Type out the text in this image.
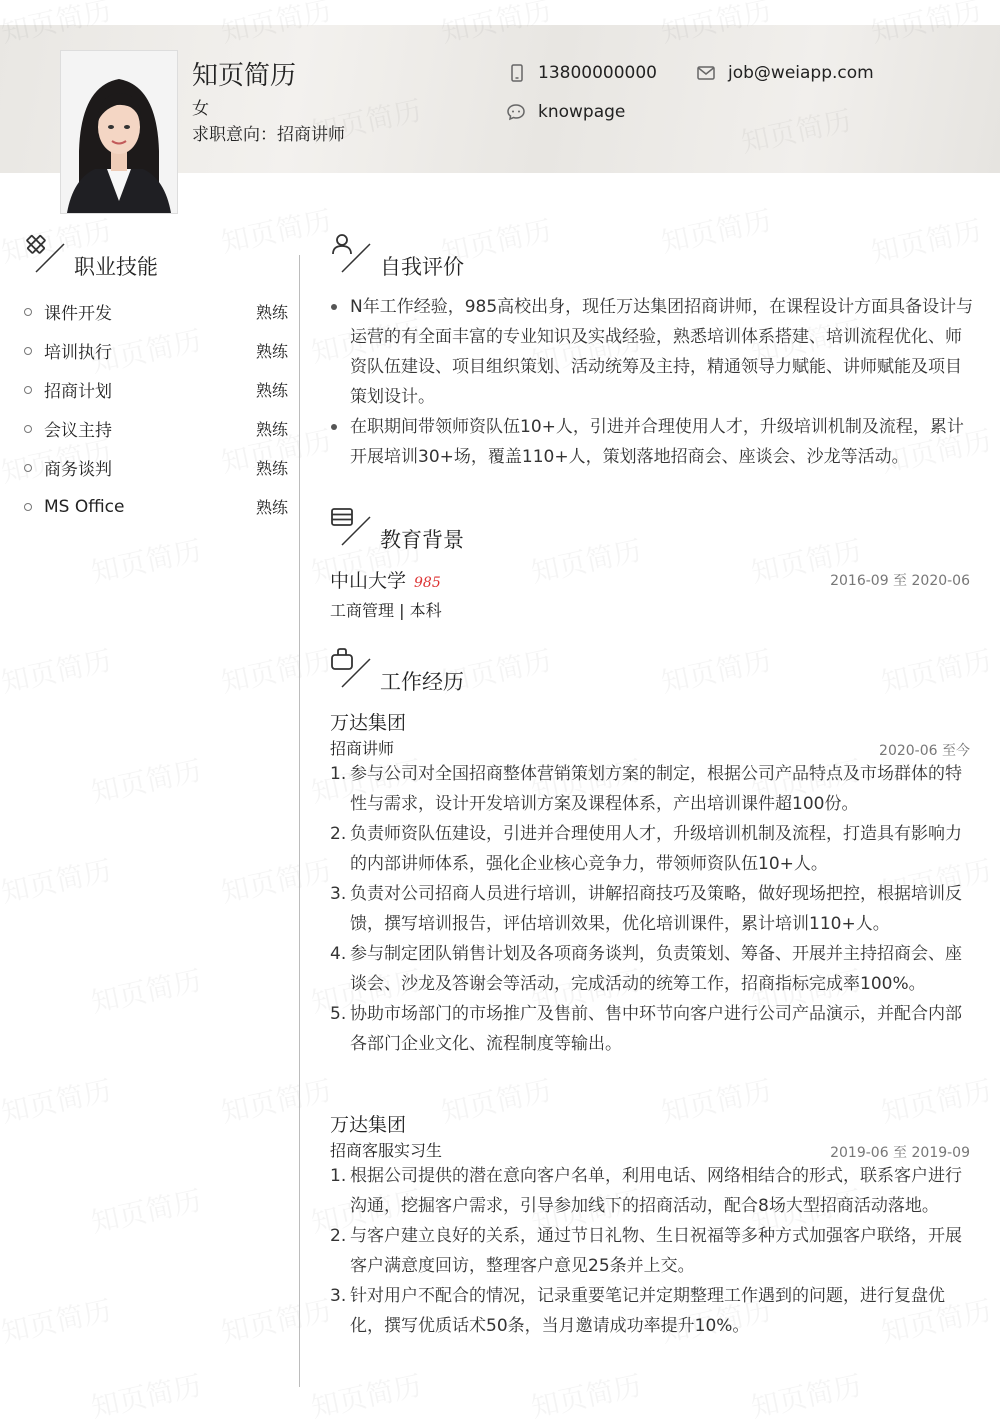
知页简历
女
求职意向：招商讲师
13800000000	job@weiapp.com
knowpage
职业技能
课件开发	熟练
培训执行	熟练
招商计划	熟练
会议主持	熟练
商务谈判	熟练
MS Office	熟练
自我评价
N年工作经验，985高校出身，现任万达集团招商讲师，在课程设计方面具备设计与运营的有全面丰富的专业知识及实战经验，熟悉培训体系搭建、培训流程优化、师资队伍建设、项目组织策划、活动统筹及主持，精通领导力赋能、讲师赋能及项目策划设计。
在职期间带领师资队伍10+人，引进并合理使用人才，升级培训机制及流程，累计开展培训30+场，覆盖110+人，策划落地招商会、座谈会、沙龙等活动。
教育背景
中山大学 985	2016-09 至 2020-06
工商管理 | 本科
工作经历
万达集团
招商讲师	2020-06 至今
1. 参与公司对全国招商整体营销策划方案的制定，根据公司产品特点及市场群体的特性与需求，设计开发培训方案及课程体系，产出培训课件超100份。
2. 负责师资队伍建设，引进并合理使用人才，升级培训机制及流程，打造具有影响力的内部讲师体系，强化企业核心竞争力，带领师资队伍10+人。
3. 负责对公司招商人员进行培训，讲解招商技巧及策略，做好现场把控，根据培训反馈，撰写培训报告，评估培训效果，优化培训课件，累计培训110+人。
4. 参与制定团队销售计划及各项商务谈判，负责策划、筹备、开展并主持招商会、座谈会、沙龙及答谢会等活动，完成活动的统筹工作，招商指标完成率100%。
5. 协助市场部门的市场推广及售前、售中环节向客户进行公司产品演示，并配合内部各部门企业文化、流程制度等输出。
万达集团
招商客服实习生	2019-06 至 2019-09
1. 根据公司提供的潜在意向客户名单，利用电话、网络相结合的形式，联系客户进行沟通，挖掘客户需求，引导参加线下的招商活动，配合8场大型招商活动落地。
2. 与客户建立良好的关系，通过节日礼物、生日祝福等多种方式加强客户联络，开展客户满意度回访，整理客户意见25条并上交。
3. 针对用户不配合的情况，记录重要笔记并定期整理工作遇到的问题，进行复盘优化，撰写优质话术50条，当月邀请成功率提升10%。
